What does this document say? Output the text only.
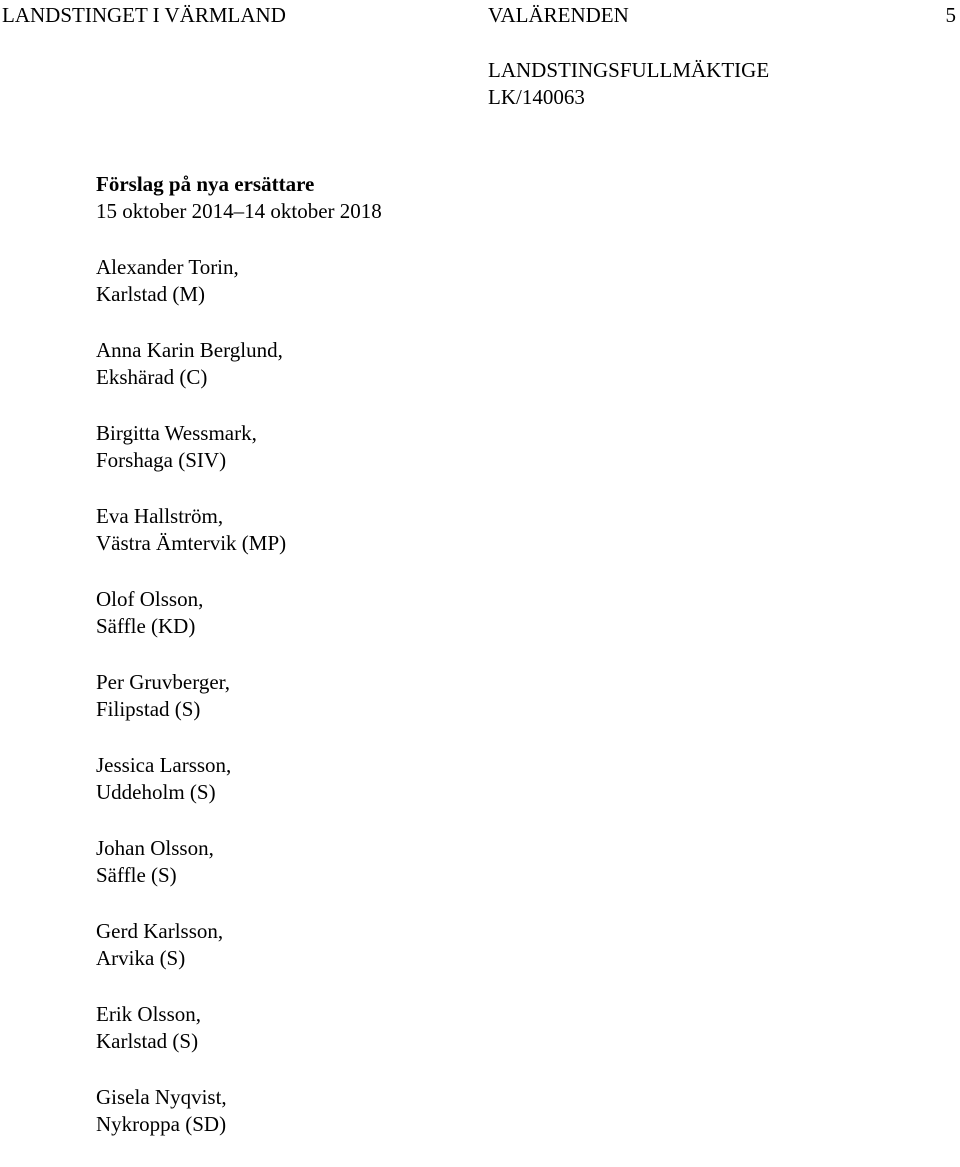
LANDSTINGET I VÄRMLAND	VALÄRENDEN	5
LANDSTINGSFULLMÄKTIGE
LK/140063
Förslag på nya ersättare
15 oktober 2014–14 oktober 2018
Alexander Torin,
Karlstad (M)
Anna Karin Berglund,
Ekshärad (C)
Birgitta Wessmark,
Forshaga (SIV)
Eva Hallström,
Västra Ämtervik (MP)
Olof Olsson,
Säffle (KD)
Per Gruvberger,
Filipstad (S)
Jessica Larsson,
Uddeholm (S)
Johan Olsson,
Säffle (S)
Gerd Karlsson,
Arvika (S)
Erik Olsson,
Karlstad (S)
Gisela Nyqvist,
Nykroppa (SD)
